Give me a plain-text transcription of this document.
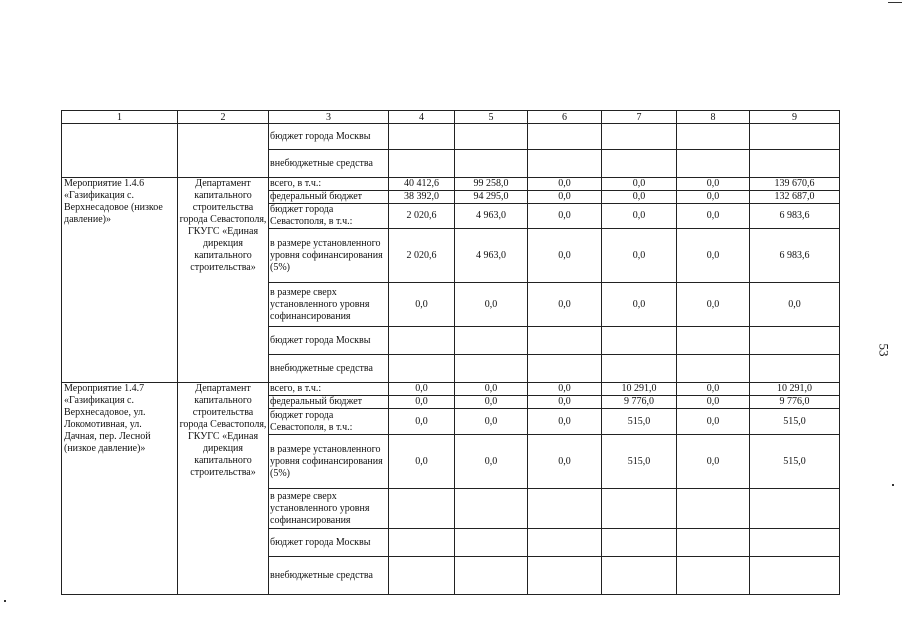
1	2	3	4	5	6	7	8	9
		бюджет города Москвы						
		внебюджетные средства						
Мероприятие 1.4.6 «Газификация с. Верхнесадовое (низкое давление)»	Департамент капитального строительства города Севастополя, ГКУГС «Единая дирекция капитального строительства»	всего, в т.ч.:	40 412,6	99 258,0	0,0	0,0	0,0	139 670,6
		федеральный бюджет	38 392,0	94 295,0	0,0	0,0	0,0	132 687,0
		бюджет города Севастополя, в т.ч.:	2 020,6	4 963,0	0,0	0,0	0,0	6 983,6
		в размере установленного уровня софинансирования (5%)	2 020,6	4 963,0	0,0	0,0	0,0	6 983,6
		в размере сверх установленного уровня софинансирования	0,0	0,0	0,0	0,0	0,0	0,0
		бюджет города Москвы						
		внебюджетные средства						
Мероприятие 1.4.7 «Газификация с. Верхнесадовое, ул. Локомотивная, ул. Дачная, пер. Лесной (низкое давление)»	Департамент капитального строительства города Севастополя, ГКУГС «Единая дирекция капитального строительства»	всего, в т.ч.:	0,0	0,0	0,0	10 291,0	0,0	10 291,0
		федеральный бюджет	0,0	0,0	0,0	9 776,0	0,0	9 776,0
		бюджет города Севастополя, в т.ч.:	0,0	0,0	0,0	515,0	0,0	515,0
		в размере установленного уровня софинансирования (5%)	0,0	0,0	0,0	515,0	0,0	515,0
		в размере сверх установленного уровня софинансирования						
		бюджет города Москвы						
		внебюджетные средства						
53
